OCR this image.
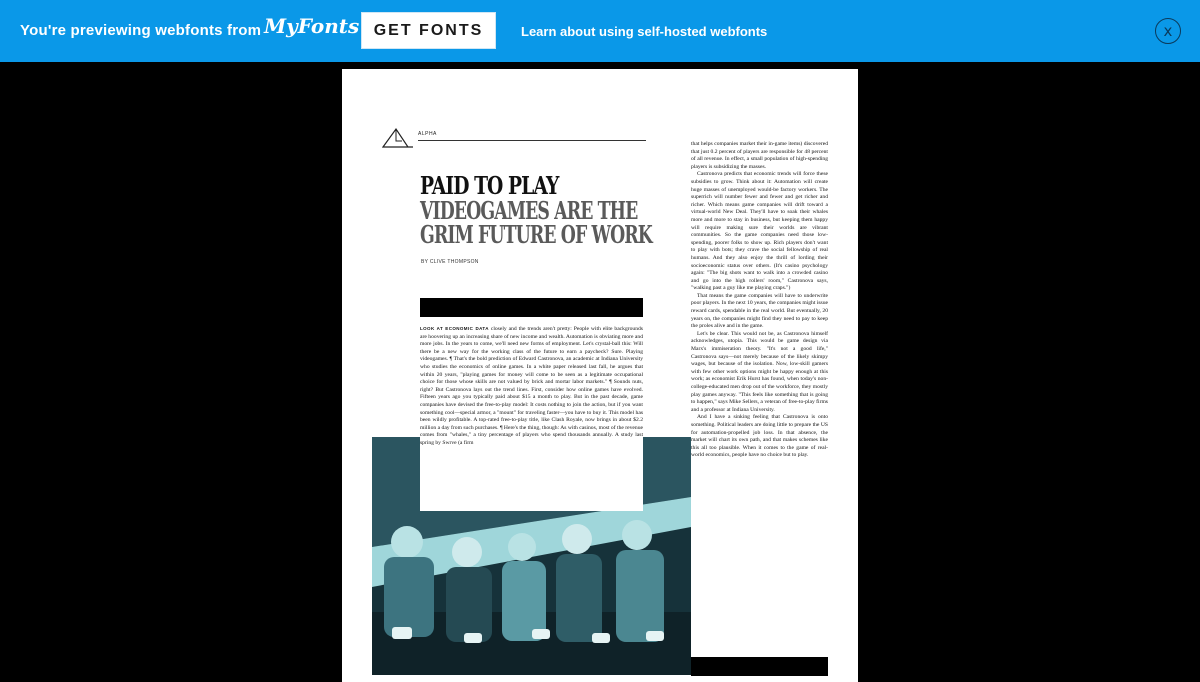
You're previewing webfonts from MyFonts GET FONTS	Learn about using self-hosted webfonts	x
ALPHA
PAID TO PLAY
VIDEOGAMES ARE THE
GRIM FUTURE OF WORK
BY CLIVE THOMPSON
LOOK AT ECONOMIC DATA closely and the trends aren't pretty: People with elite backgrounds are hoovering up an increasing share of new income and wealth. Automation is obviating more and more jobs. In the years to come, we'll need new forms of employment. Let's crystal-ball this: Will there be a new way for the working class of the future to earn a paycheck? Sure. Playing videogames. ¶ That's the bold prediction of Edward Castronova, an academic at Indiana University who studies the economics of online games. In a white paper released last fall, he argues that within 20 years, "playing games for money will come to be seen as a legitimate occupational choice for those whose skills are not valued by brick and mortar labor markets." ¶ Sounds nuts, right? But Castronova lays out the trend lines. First, consider how online games have evolved. Fifteen years ago you typically paid about $15 a month to play. But in the past decade, game companies have devised the free-to-play model: It costs nothing to join the action, but if you want something cool—special armor, a "mount" for traveling faster—you have to buy it. This model has been wildly profitable. A top-rated free-to-play title, like Clash Royale, now brings in about $2.2 million a day from such purchases. ¶ Here's the thing, though: As with casinos, most of the revenue comes from "whales," a tiny percentage of players who spend thousands annually. A study last spring by Swrve (a firm
that helps companies market their in-game items) discovered that just 0.2 percent of players are responsible for 48 percent of all revenue. In effect, a small population of high-spending players is subsidizing the masses.
Castronova predicts that economic trends will force these subsidies to grow. Think about it: Automation will create huge masses of unemployed would-be factory workers. The superrich will number fewer and fewer and get richer and richer. Which means game companies will drift toward a virtual-world New Deal. They'll have to soak their whales more and more to stay in business, but keeping them happy will require making sure their worlds are vibrant communities. So the game companies need those low-spending, poorer folks to show up. Rich players don't want to play with bots; they crave the social fellowship of real humans. And they also enjoy the thrill of lording their socioeconomic status over others. (It's casino psychology again: "The big shots want to walk into a crowded casino and go into the high rollers' room," Castronova says, "walking past a guy like me playing craps.")
That means the game companies will have to underwrite poor players. In the next 10 years, the companies might issue reward cards, spendable in the real world. But eventually, 20 years on, the companies might find they need to pay to keep the proles alive and in the game.
Let's be clear. This would not be, as Castronova himself acknowledges, utopia. This would be game design via Marx's immiseration theory. "It's not a good life," Castronova says—not merely because of the likely skimpy wages, but because of the isolation. Now, low-skill gamers with few other work options might be happy enough at this work; as economist Erik Hurst has found, when today's non-college-educated men drop out of the workforce, they mostly play games anyway. "This feels like something that is going to happen," says Mike Sellers, a veteran of free-to-play firms and a professor at Indiana University.
And I have a sinking feeling that Castronova is onto something. Political leaders are doing little to prepare the US for automation-propelled job loss. In that absence, the market will chart its own path, and that makes schemes like this all too plausible. When it comes to the game of real-world economics, people have no choice but to play.
